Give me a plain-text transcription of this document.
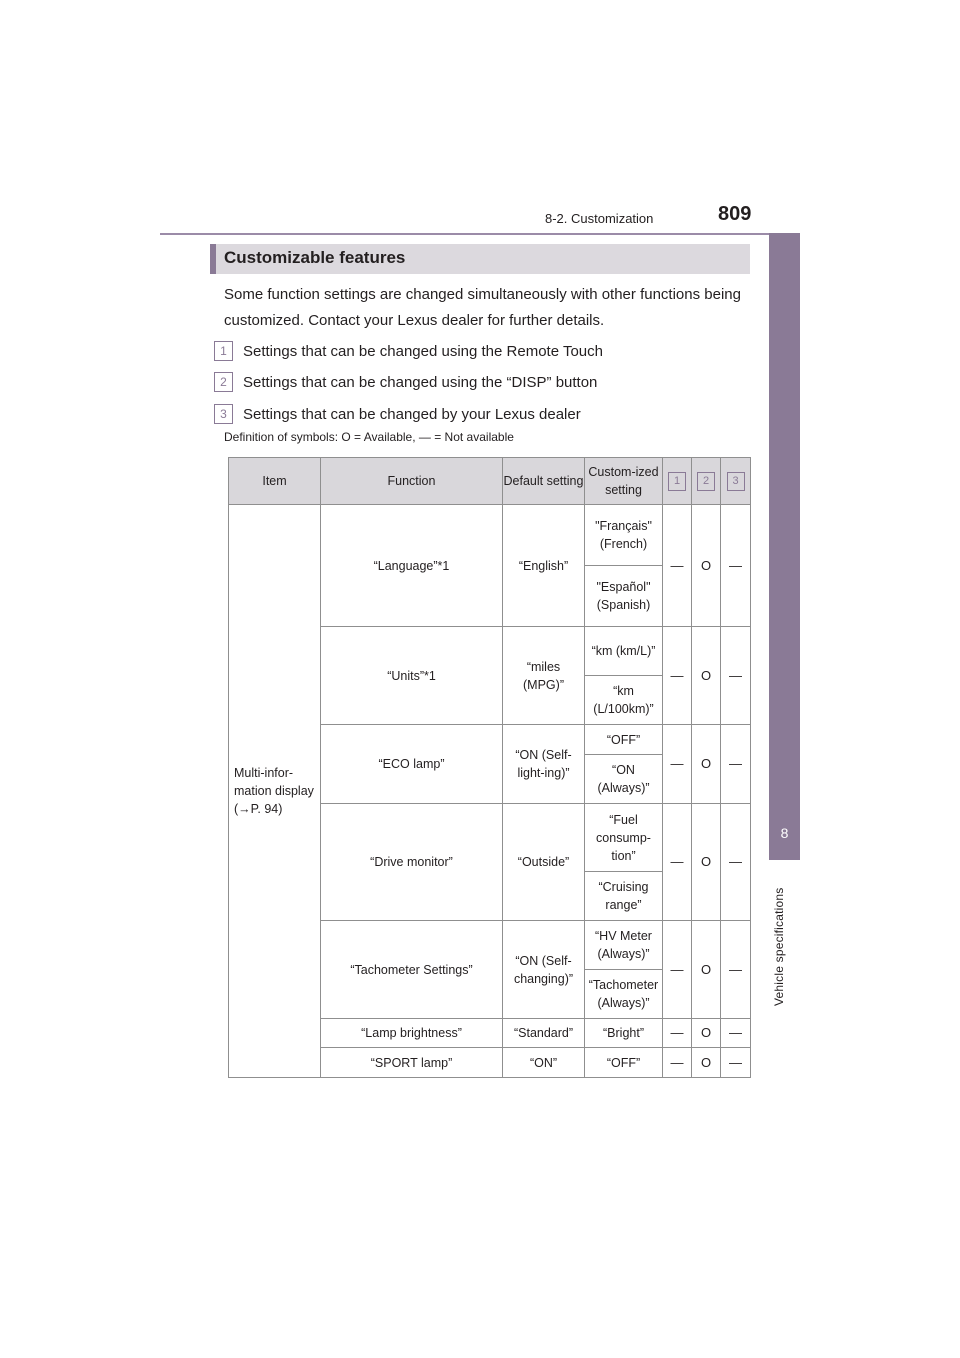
8-2. Customization	809
8
Vehicle specifications
Customizable features
Some function settings are changed simultaneously with other functions being customized. Contact your Lexus dealer for further details.
1 Settings that can be changed using the Remote Touch
2 Settings that can be changed using the “DISP” button
3 Settings that can be changed by your Lexus dealer
Definition of symbols: O = Available, — = Not available
Item	Function	Default setting	Custom-ized setting	1	2	3
Multi-infor-mation display (→P. 94)	“Language”*1	“English”	"Français" (French)	—	O	—
			"Español" (Spanish)			
	“Units”*1	“miles (MPG)”	“km (km/L)”	—	O	—
			“km (L/100km)”			
	“ECO lamp”	“ON (Self-light-ing)”	“OFF”	—	O	—
			“ON (Always)”			
	“Drive monitor”	“Outside”	“Fuel consump-tion”	—	O	—
			“Cruising range”			
	“Tachometer Settings”	“ON (Self-changing)”	“HV Meter (Always)”	—	O	—
			“Tachometer (Always)”			
	“Lamp brightness”	“Standard”	“Bright”	—	O	—
	“SPORT lamp”	“ON”	“OFF”	—	O	—
